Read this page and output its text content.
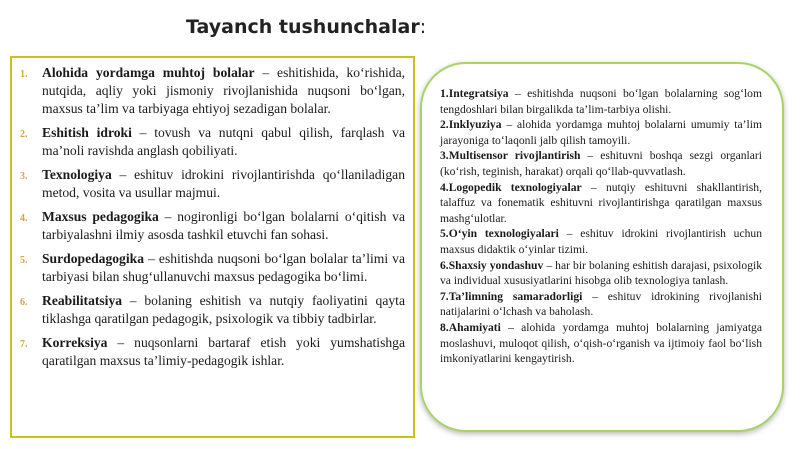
Tayanch tushunchalar:
1.	Alohida yordamga muhtoj bolalar – eshitishida, ko‘rishida, nutqida, aqliy yoki jismoniy rivojlanishida nuqsoni bo‘lgan, maxsus ta’lim va tarbiyaga ehtiyoj sezadigan bolalar.
2.	Eshitish idroki – tovush va nutqni qabul qilish, farqlash va ma’noli ravishda anglash qobiliyati.
3.	Texnologiya – eshituv idrokini rivojlantirishda qo‘llaniladigan metod, vosita va usullar majmui.
4.	Maxsus pedagogika – nogironligi bo‘lgan bolalarni o‘qitish va tarbiyalashni ilmiy asosda tashkil etuvchi fan sohasi.
5.	Surdopedagogika – eshitishda nuqsoni bo‘lgan bolalar ta’limi va tarbiyasi bilan shug‘ullanuvchi maxsus pedagogika bo‘limi.
6.	Reabilitatsiya – bolaning eshitish va nutqiy faoliyatini qayta tiklashga qaratilgan pedagogik, psixologik va tibbiy tadbirlar.
7.	Korreksiya – nuqsonlarni bartaraf etish yoki yumshatishga qaratilgan maxsus ta’limiy-pedagogik ishlar.

1.Integratsiya – eshitishda nuqsoni bo‘lgan bolalarning sog‘lom tengdoshlari bilan birgalikda ta’lim-tarbiya olishi.

2.Inklyuziya – alohida yordamga muhtoj bolalarni umumiy ta’lim jarayoniga to‘laqonli jalb qilish tamoyili.

3.Multisensor rivojlantirish – eshituvni boshqa sezgi organlari (ko‘rish, teginish, harakat) orqali qo‘llab-quvvatlash.

4.Logopedik texnologiyalar – nutqiy eshituvni shakllantirish, talaffuz va fonematik eshituvni rivojlantirishga qaratilgan maxsus mashg‘ulotlar.

5.O‘yin texnologiyalari – eshituv idrokini rivojlantirish uchun maxsus didaktik o‘yinlar tizimi.

6.Shaxsiy yondashuv – har bir bolaning eshitish darajasi, psixologik va individual xususiyatlarini hisobga olib texnologiya tanlash.

7.Ta’limning samaradorligi – eshituv idrokining rivojlanishi natijalarini o‘lchash va baholash.

8.Ahamiyati – alohida yordamga muhtoj bolalarning jamiyatga moslashuvi, muloqot qilish, o‘qish-o‘rganish va ijtimoiy faol bo‘lish imkoniyatlarini kengaytirish.
